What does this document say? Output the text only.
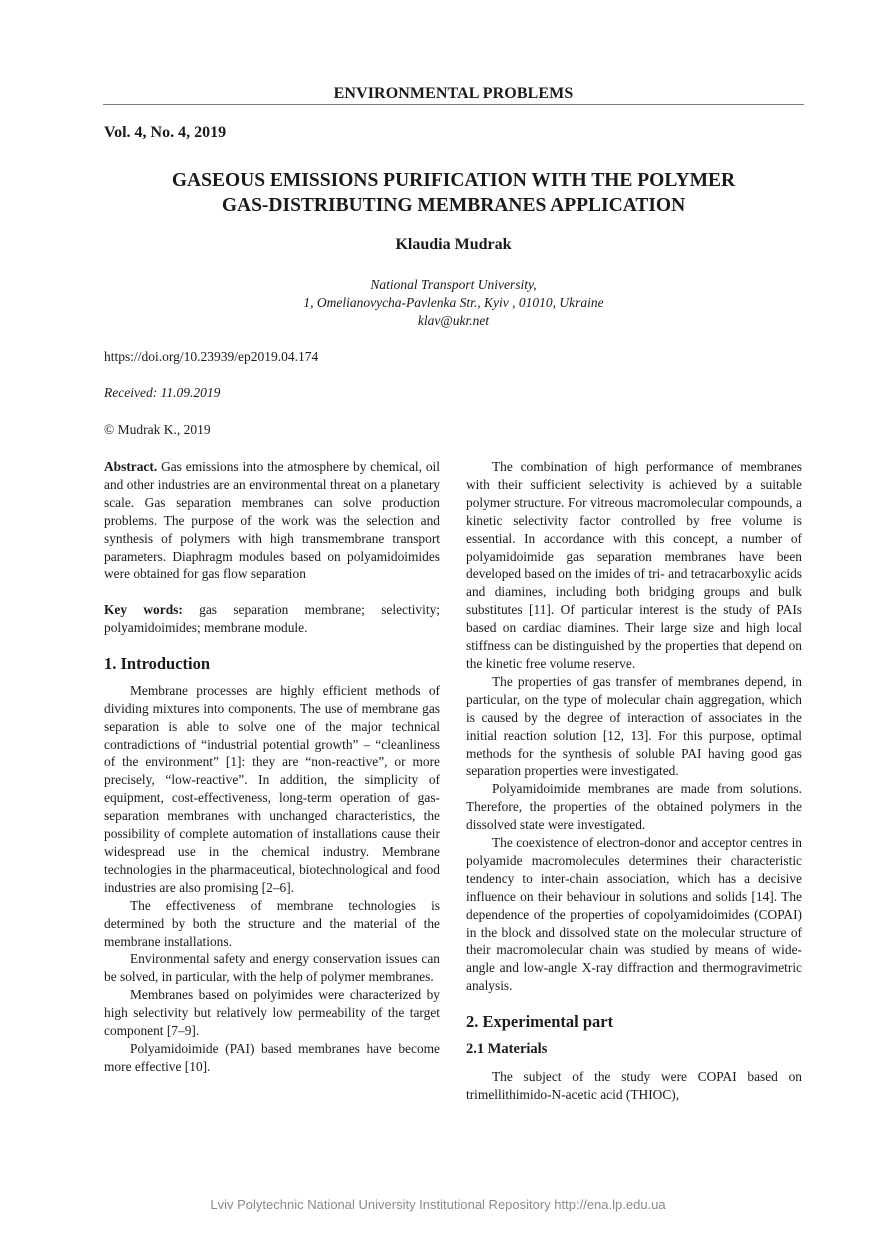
ENVIRONMENTAL PROBLEMS
Vol. 4, No. 4, 2019
GASEOUS EMISSIONS PURIFICATION WITH THE POLYMER
GAS-DISTRIBUTING MEMBRANES APPLICATION
Klaudia Mudrak
National Transport University,
1, Omelianovycha-Pavlenka Str., Kyiv , 01010, Ukraine
klav@ukr.net
https://doi.org/10.23939/ep2019.04.174
Received: 11.09.2019
© Mudrak K., 2019

Abstract. Gas emissions into the atmosphere by chemical, oil and other industries are an environmental threat on a planetary scale. Gas separation membranes can solve production problems. The purpose of the work was the selection and synthesis of polymers with high transmembrane transport parameters. Diaphragm modules based on polyamidoimides were obtained for gas flow separation

Key words: gas separation membrane; selectivity; polyamidoimides; membrane module.

1. Introduction

Membrane processes are highly efficient methods of dividing mixtures into components. The use of membrane gas separation is able to solve one of the major technical contradictions of “industrial potential growth” – “cleanliness of the environment” [1]: they are “non-reactive”, or more precisely, “low-reactive”. In addition, the simplicity of equipment, cost-effectiveness, long-term operation of gas-separation membranes with unchanged characteristics, the possibility of complete automation of installations cause their widespread use in the chemical industry. Membrane technologies in the pharmaceutical, biotechnological and food industries are also promising [2–6].

The effectiveness of membrane technologies is determined by both the structure and the material of the membrane installations.

Environmental safety and energy conservation issues can be solved, in particular, with the help of polymer membranes.

Membranes based on polyimides were characterized by high selectivity but relatively low permeability of the target component [7–9].

Polyamidoimide (PAI) based membranes have become more effective [10].

The combination of high performance of membranes with their sufficient selectivity is achieved by a suitable polymer structure. For vitreous macromolecular compounds, a kinetic selectivity factor controlled by free volume is essential. In accordance with this concept, a number of polyamidoimide gas separation membranes have been developed based on the imides of tri- and tetracarboxylic acids and diamines, including both bridging groups and bulk substitutes [11]. Of particular interest is the study of PAIs based on cardiac diamines. Their large size and high local stiffness can be distinguished by the properties that depend on the kinetic free volume reserve.

The properties of gas transfer of membranes depend, in particular, on the type of molecular chain aggregation, which is caused by the degree of interaction of associates in the initial reaction solution [12, 13]. For this purpose, optimal methods for the synthesis of soluble PAI having good gas separation properties were investigated.

Polyamidoimide membranes are made from solutions. Therefore, the properties of the obtained polymers in the dissolved state were investigated.

The coexistence of electron-donor and acceptor centres in polyamide macromolecules determines their characteristic tendency to inter-chain association, which has a decisive influence on their behaviour in solutions and solids [14]. The dependence of the properties of copolyamidoimides (COPAI) in the block and dissolved state on the molecular structure of their macromolecular chain was studied by means of wide-angle and low-angle X-ray diffraction and thermogravimetric analysis.

2. Experimental part
2.1 Materials

The subject of the study were COPAI based on trimellithimido-N-acetic acid (THIOC),

Lviv Polytechnic National University Institutional Repository http://ena.lp.edu.ua
